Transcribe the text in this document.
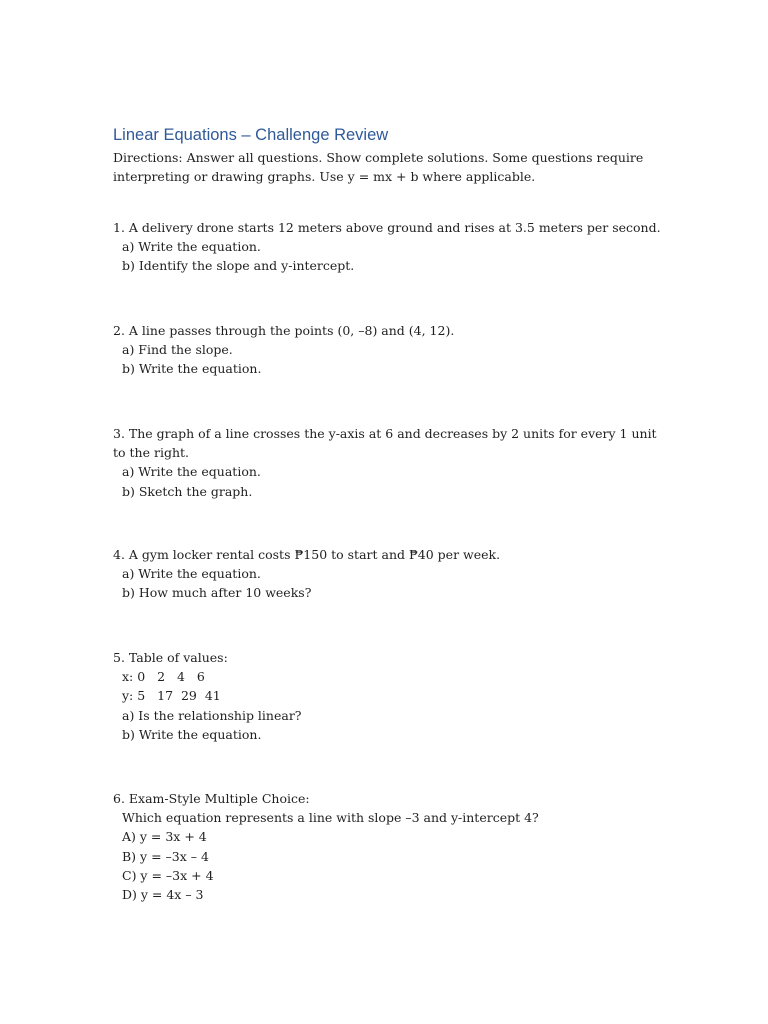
Linear Equations – Challenge Review

Directions: Answer all questions. Show complete solutions. Some questions require interpreting or drawing graphs. Use y = mx + b where applicable.

1. A delivery drone starts 12 meters above ground and rises at 3.5 meters per second.
a) Write the equation.
b) Identify the slope and y-intercept.
2. A line passes through the points (0, –8) and (4, 12).
a) Find the slope.
b) Write the equation.
3. The graph of a line crosses the y-axis at 6 and decreases by 2 units for every 1 unit to the right.
a) Write the equation.
b) Sketch the graph.
4. A gym locker rental costs ₱150 to start and ₱40 per week.
a) Write the equation.
b) How much after 10 weeks?
5. Table of values:
x: 0   2   4   6
y: 5   17  29  41
a) Is the relationship linear?
b) Write the equation.
6. Exam-Style Multiple Choice:
Which equation represents a line with slope –3 and y-intercept 4?
A) y = 3x + 4
B) y = –3x – 4
C) y = –3x + 4
D) y = 4x – 3
